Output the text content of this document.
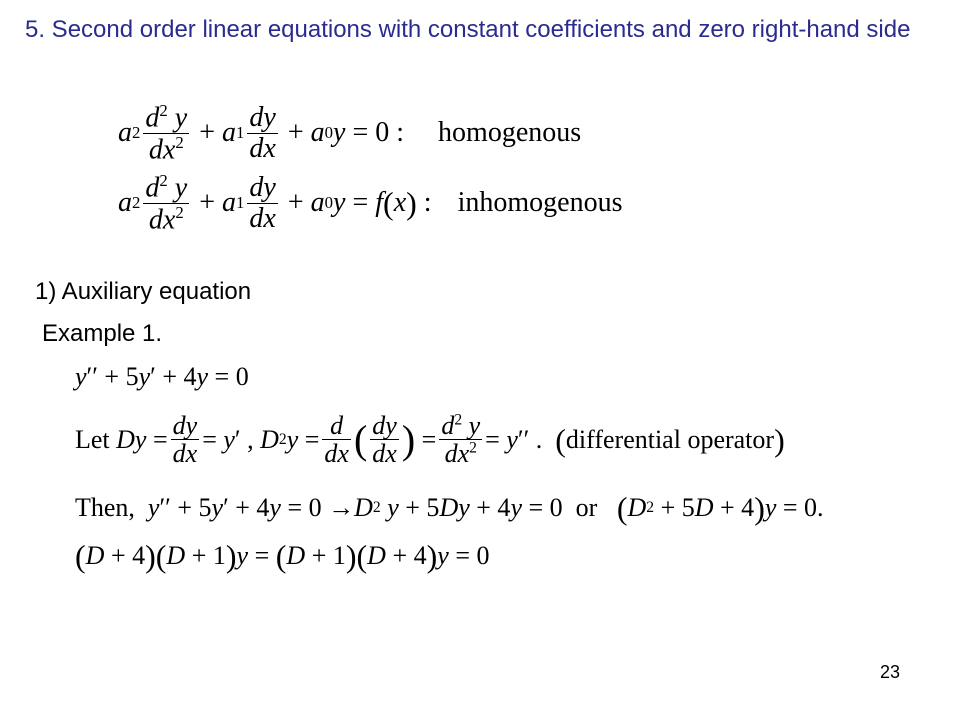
5. Second order linear equations with constant coefficients and zero right-hand side
a $2 \frac{d^2 y}{dx^2} + a$ $1 \frac{dy}{dx} + a$ 0 y = 0 : homogenous
a $2 \frac{d^2 y}{dx^2} + a$ $1 \frac{dy}{dx} + a$ 0 y = f ( x ) : inhomogenous
1) Auxiliary equation
Example 1.
y ′′ + 5 y ′ + 4 y = 0
Let
$Dy = \frac{dy}{dx} = y$ ′ , D 2 $y = \frac{d}{dx}$ ( $\frac{dy}{dx}$ ) = $\frac{d^2 y}{dx^2} = y$ ′′ . ( differential operator )
Then,
y ′′ + 5 y ′ + 4 y = 0 → D 2 y + 5 Dy + 4 y = 0 or
( D 2 + 5 D + 4 ) y = 0.
( D + 4 )( D + 1 ) y = ( D + 1 )( D + 4 ) y = 0
23
